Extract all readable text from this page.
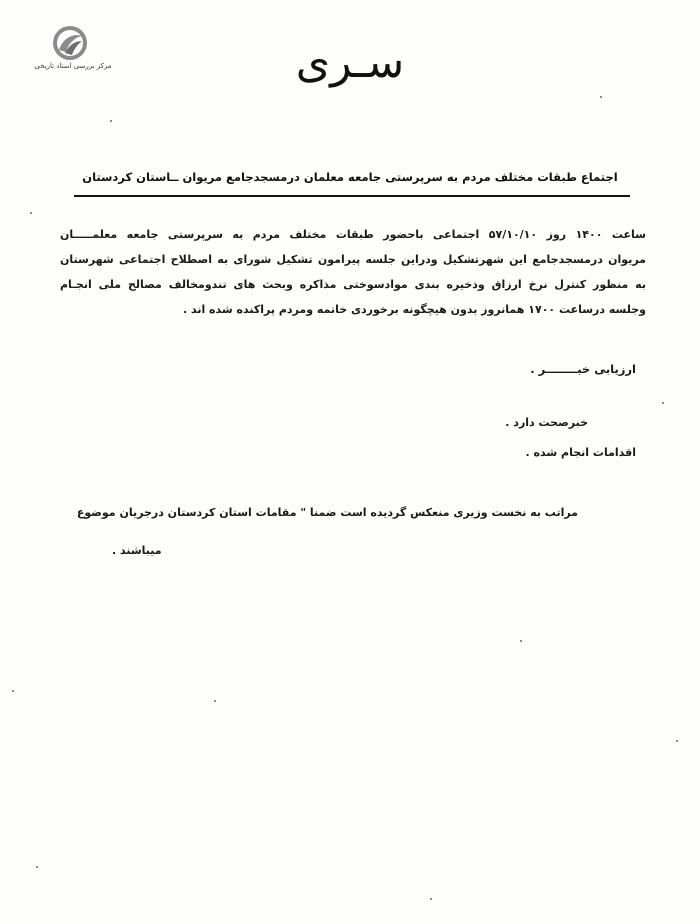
مرکز بررسی اسناد تاریخی	سـری
اجتماع طبقات مختلف مردم به سرپرستی جامعه معلمان درمسجدجامع مریوان ــاستان کردستان
ساعت ۱۴۰۰ روز ۵۷/۱۰/۱۰ اجتماعی باحضور طبقات مختلف مردم به سرپرستی جامعه معلمـــــان
مریوان درمسجدجامع این شهرتشکیل ودراین جلسه پیرامون تشکیل شورای به اصطلاح اجتماعی شهرستان
به منظور کنترل نرخ ارزاق وذخیره بندی موادسوختی مذاکره وبحث های تندومخالف مصالح ملی انجـام
وجلسه درساعت ۱۷۰۰ همانروز بدون هیچگونه برخوردی خاتمه ومردم پراکنده شده اند .
ارزیابی خبــــــــر .
خبرصحت دارد .
اقدامات انجام شده .
مراتب به نخست وزیری منعکس گردیده است ضمنا " مقامات استان کردستان درجریان موضوع
میباشند .
